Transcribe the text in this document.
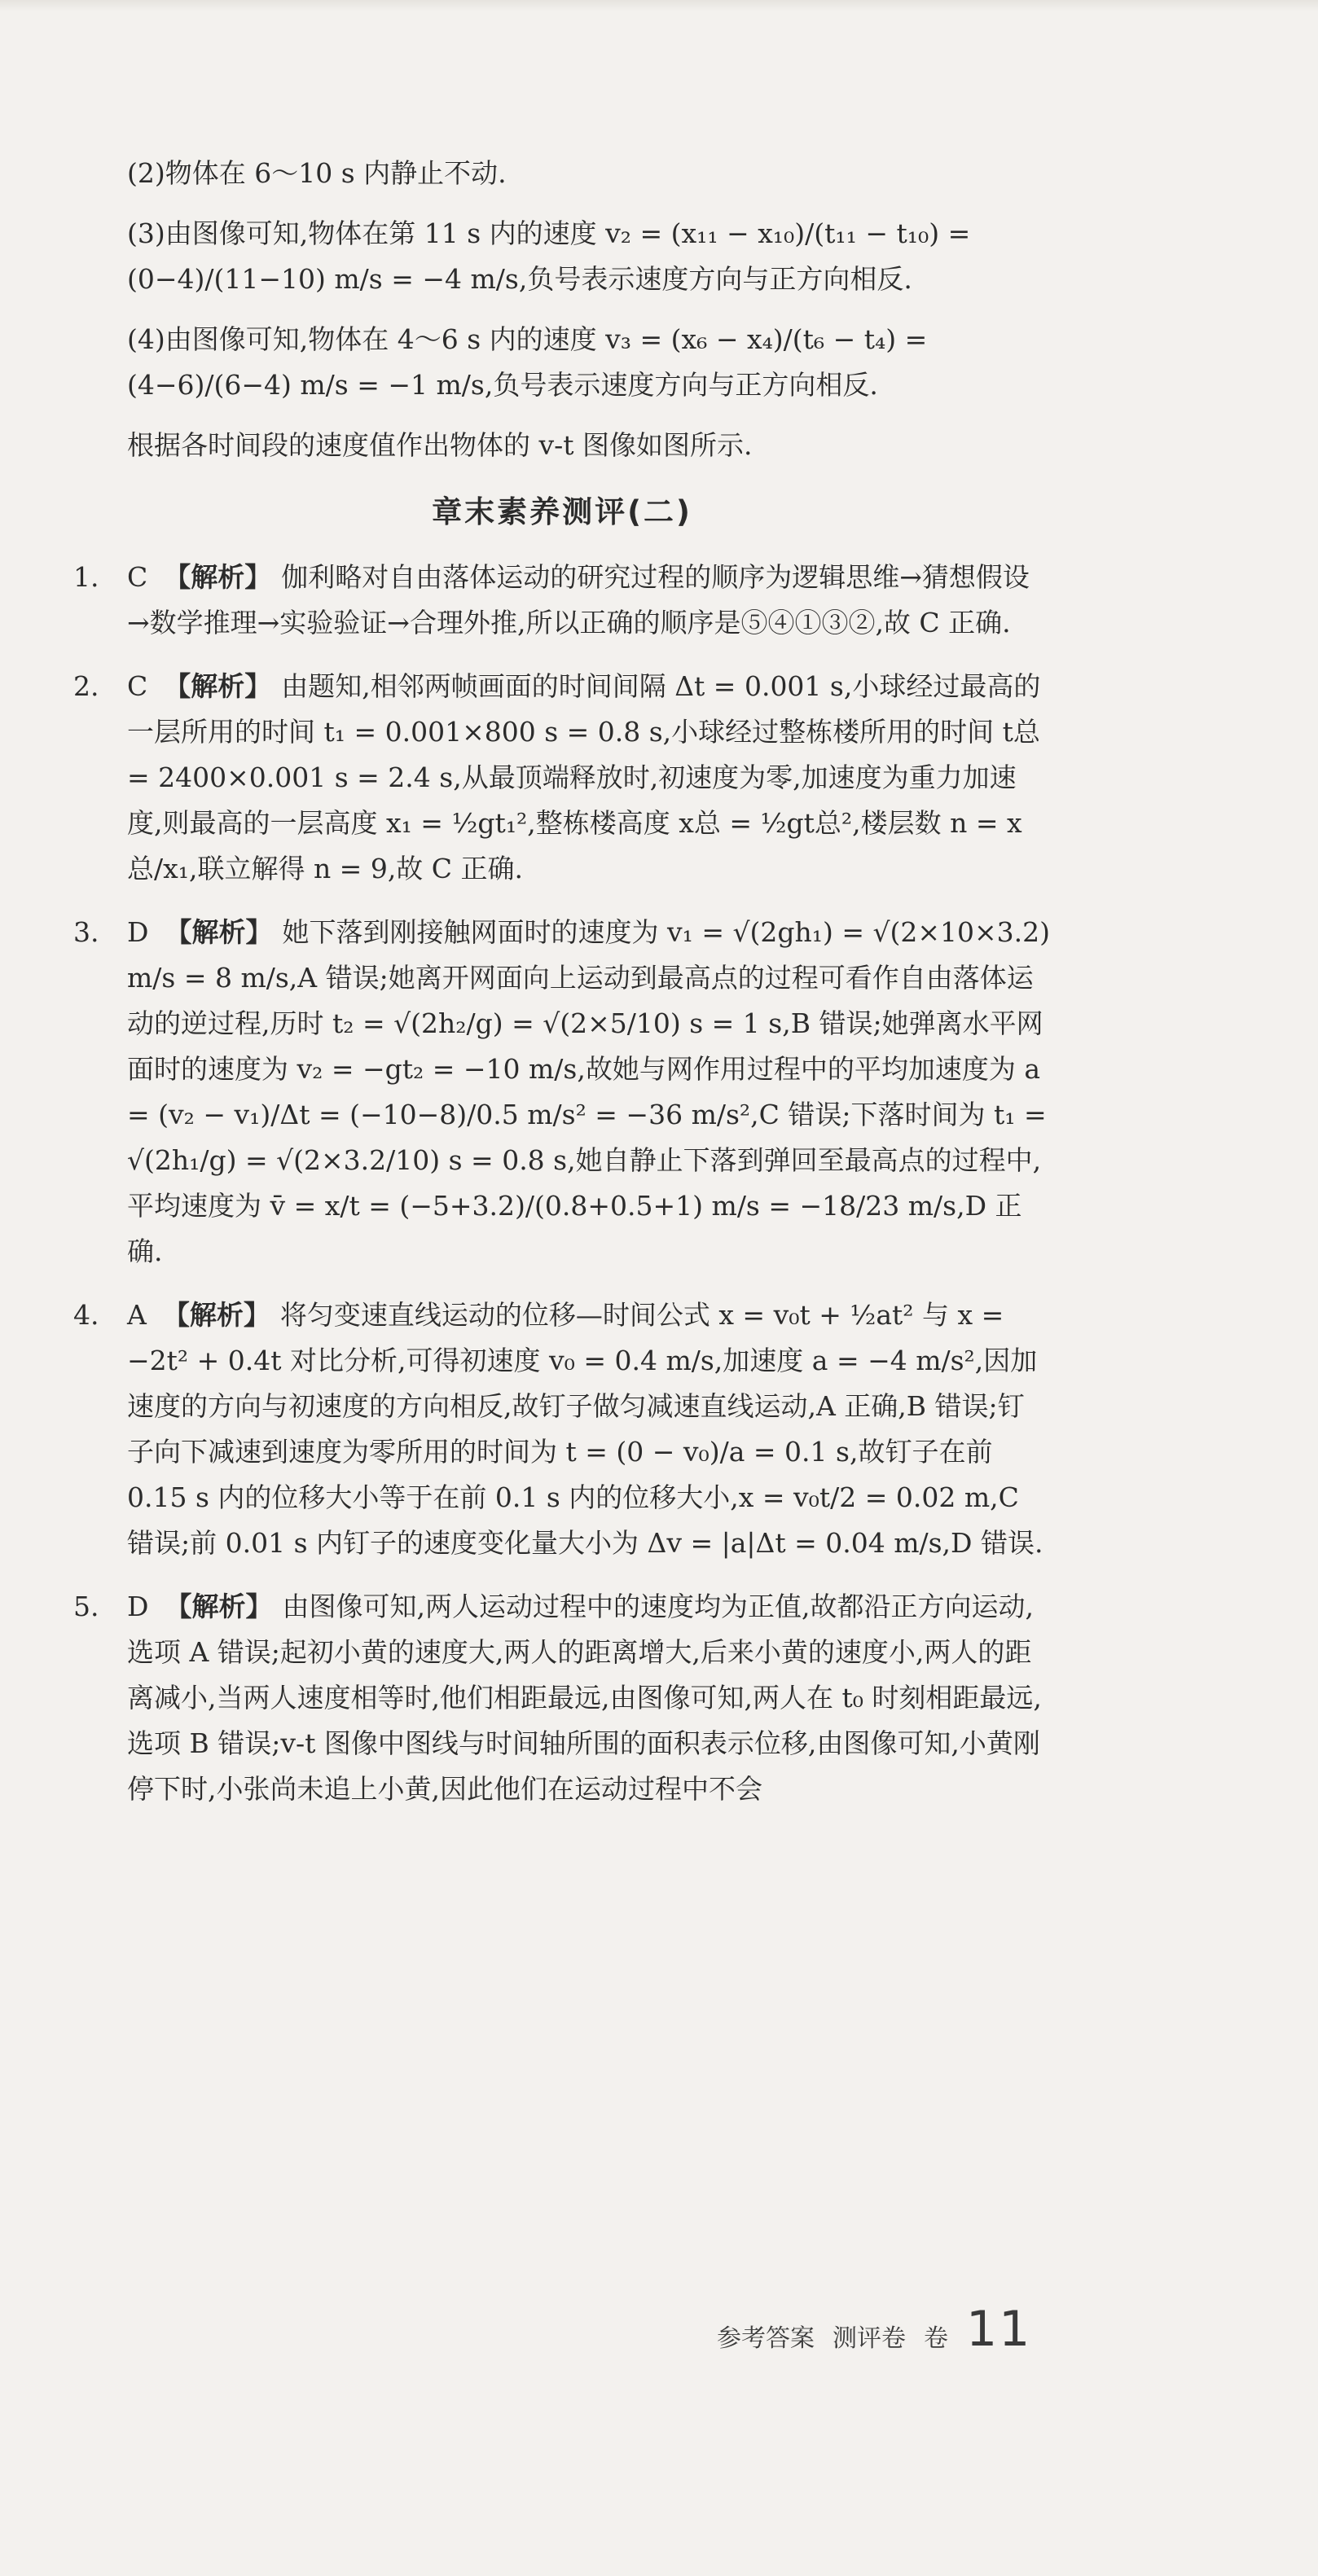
(2)物体在 6～10 s 内静止不动.

(3)由图像可知,物体在第 11 s 内的速度 v₂ = (x₁₁ − x₁₀)/(t₁₁ − t₁₀) = (0−4)/(11−10) m/s = −4 m/s,负号表示速度方向与正方向相反.

(4)由图像可知,物体在 4～6 s 内的速度 v₃ = (x₆ − x₄)/(t₆ − t₄) = (4−6)/(6−4) m/s = −1 m/s,负号表示速度方向与正方向相反.

根据各时间段的速度值作出物体的 v-t 图像如图所示.

章末素养测评(二)
1.	C 【解析】 伽利略对自由落体运动的研究过程的顺序为逻辑思维→猜想假设→数学推理→实验验证→合理外推,所以正确的顺序是⑤④①③②,故 C 正确.
2.	C 【解析】 由题知,相邻两帧画面的时间间隔 Δt = 0.001 s,小球经过最高的一层所用的时间 t₁ = 0.001×800 s = 0.8 s,小球经过整栋楼所用的时间 t总 = 2400×0.001 s = 2.4 s,从最顶端释放时,初速度为零,加速度为重力加速度,则最高的一层高度 x₁ = ½gt₁²,整栋楼高度 x总 = ½gt总²,楼层数 n = x总/x₁,联立解得 n = 9,故 C 正确.
3.	D 【解析】 她下落到刚接触网面时的速度为 v₁ = √(2gh₁) = √(2×10×3.2) m/s = 8 m/s,A 错误;她离开网面向上运动到最高点的过程可看作自由落体运动的逆过程,历时 t₂ = √(2h₂/g) = √(2×5/10) s = 1 s,B 错误;她弹离水平网面时的速度为 v₂ = −gt₂ = −10 m/s,故她与网作用过程中的平均加速度为 a = (v₂ − v₁)/Δt = (−10−8)/0.5 m/s² = −36 m/s²,C 错误;下落时间为 t₁ = √(2h₁/g) = √(2×3.2/10) s = 0.8 s,她自静止下落到弹回至最高点的过程中,平均速度为 v̄ = x/t = (−5+3.2)/(0.8+0.5+1) m/s = −18/23 m/s,D 正确.
4.	A 【解析】 将匀变速直线运动的位移—时间公式 x = v₀t + ½at² 与 x = −2t² + 0.4t 对比分析,可得初速度 v₀ = 0.4 m/s,加速度 a = −4 m/s²,因加速度的方向与初速度的方向相反,故钉子做匀减速直线运动,A 正确,B 错误;钉子向下减速到速度为零所用的时间为 t = (0 − v₀)/a = 0.1 s,故钉子在前 0.15 s 内的位移大小等于在前 0.1 s 内的位移大小,x = v₀t/2 = 0.02 m,C 错误;前 0.01 s 内钉子的速度变化量大小为 Δv = |a|Δt = 0.04 m/s,D 错误.
5.	D 【解析】 由图像可知,两人运动过程中的速度均为正值,故都沿正方向运动,选项 A 错误;起初小黄的速度大,两人的距离增大,后来小黄的速度小,两人的距离减小,当两人速度相等时,他们相距最远,由图像可知,两人在 t₀ 时刻相距最远,选项 B 错误;v-t 图像中图线与时间轴所围的面积表示位移,由图像可知,小黄刚停下时,小张尚未追上小黄,因此他们在运动过程中不会
参考答案 测评卷 卷 11
